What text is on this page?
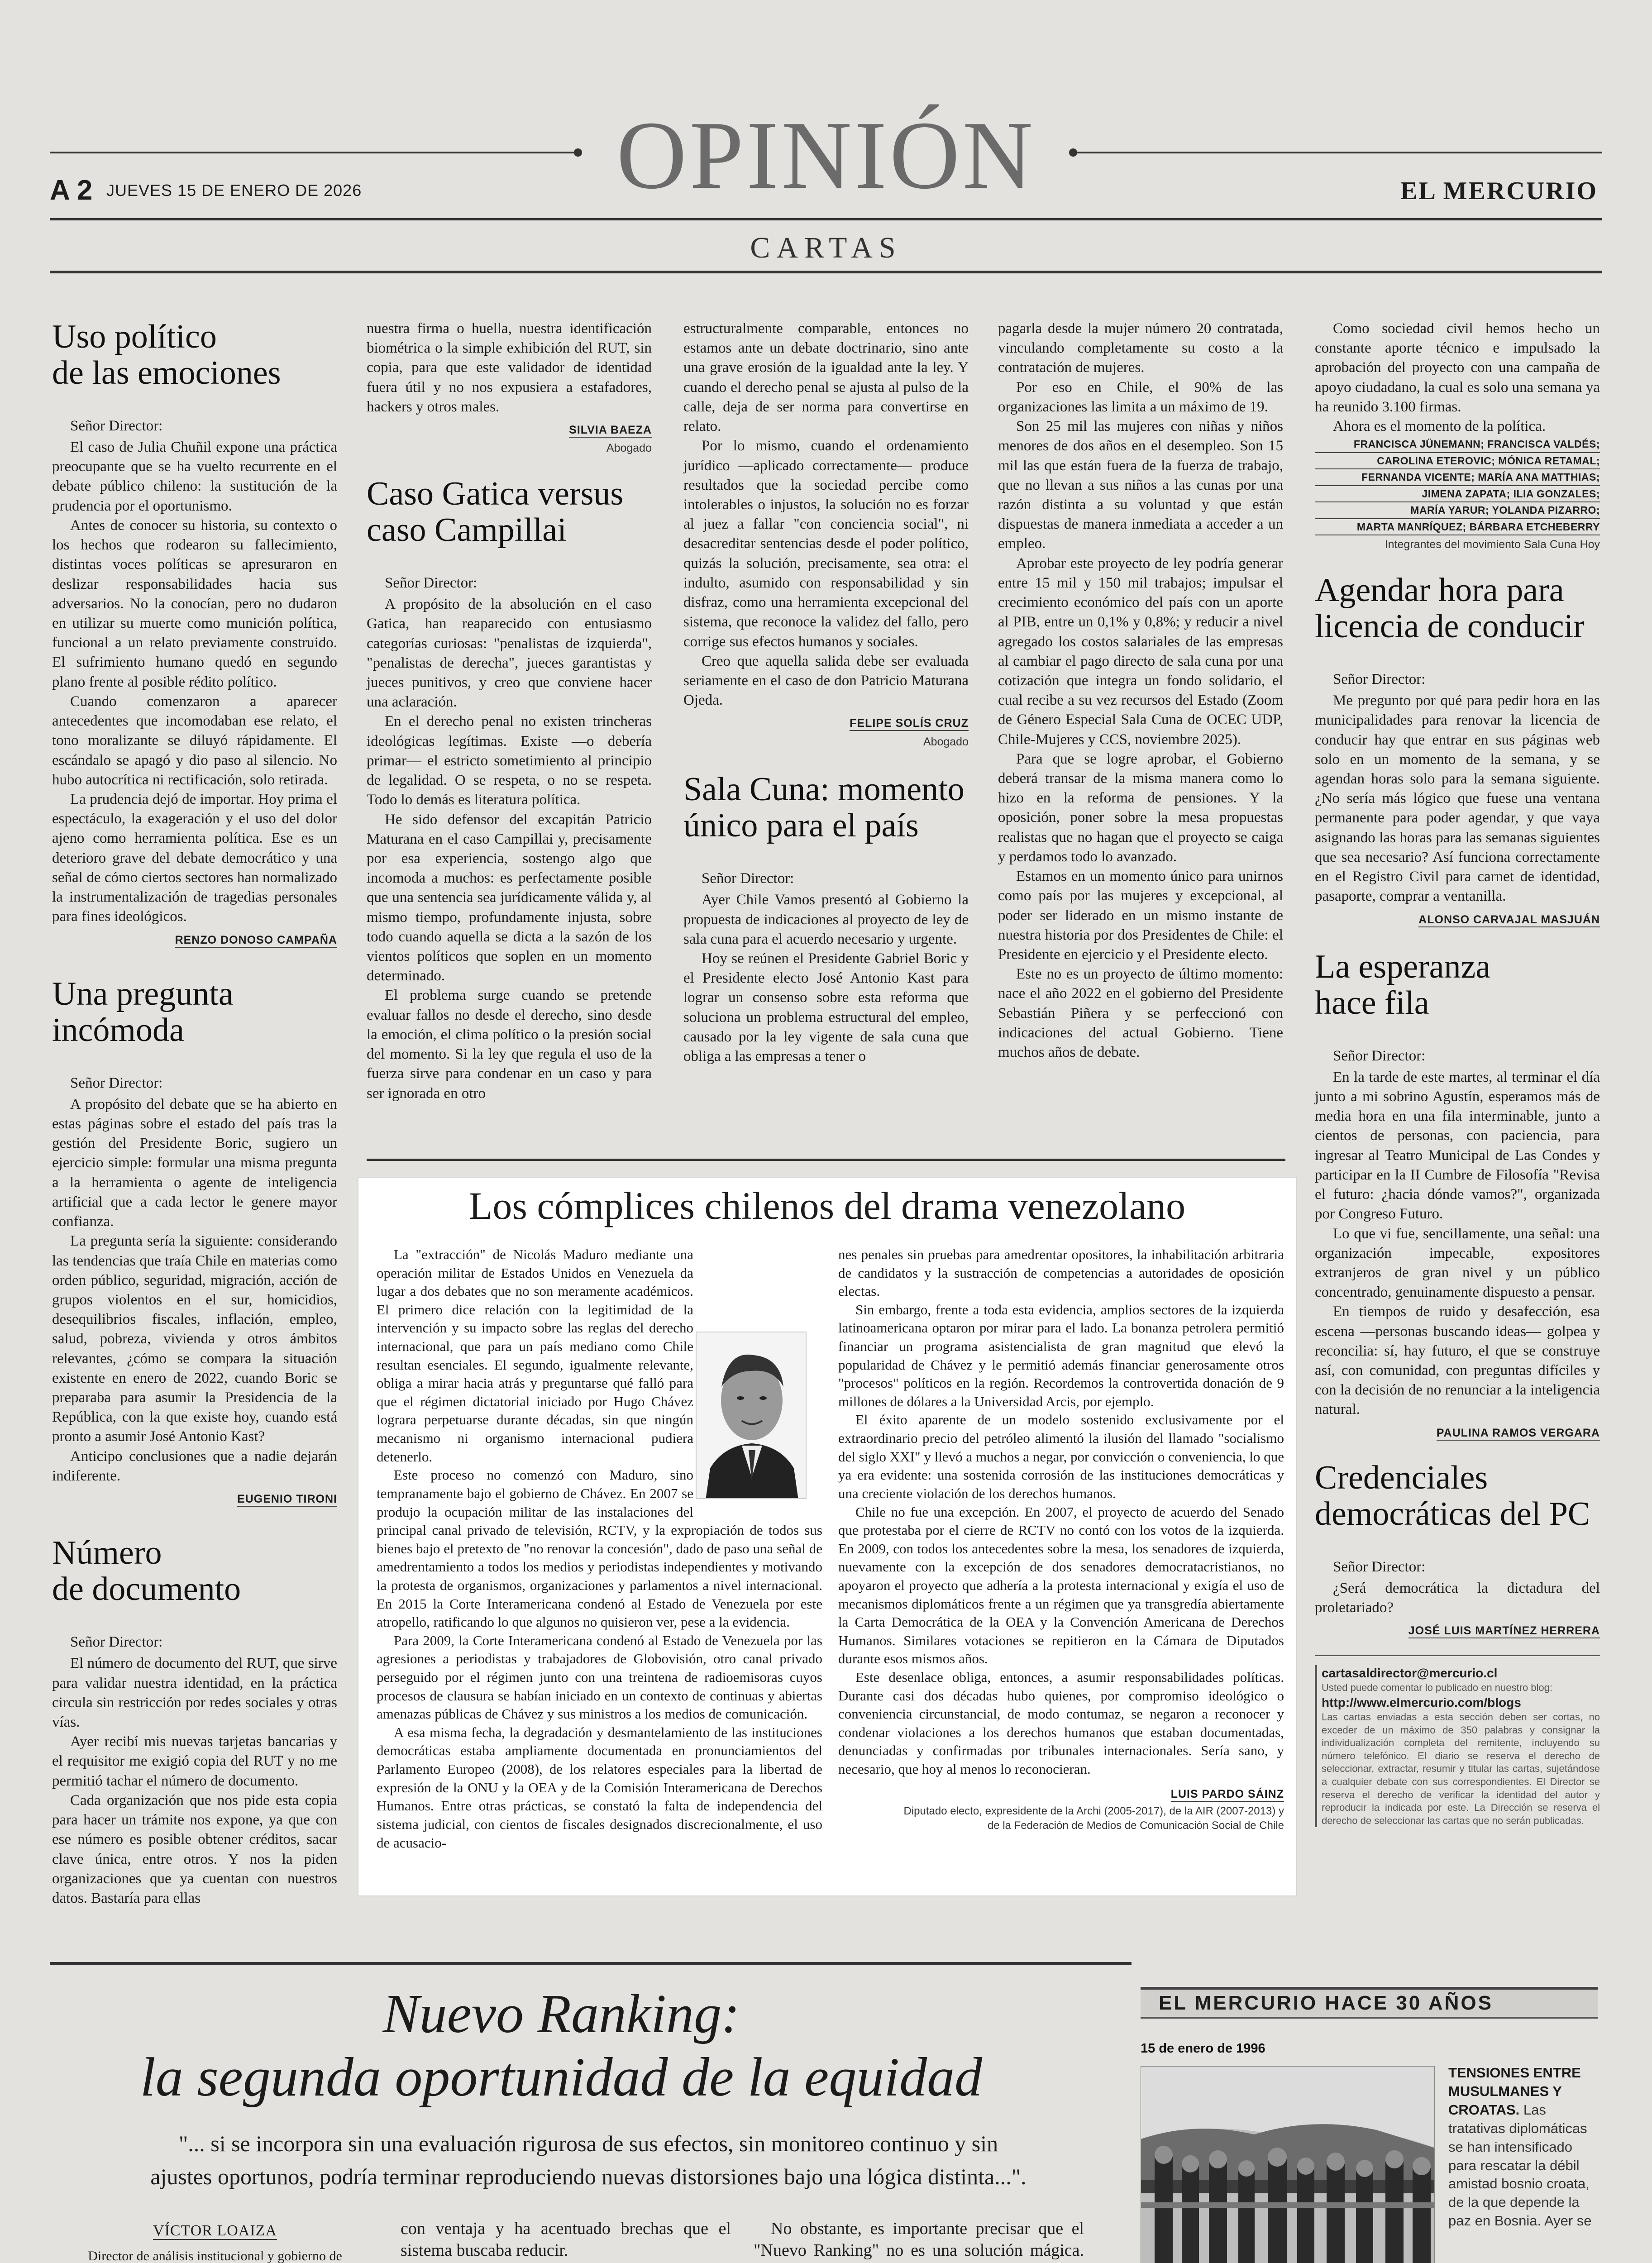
OPINIÓN
A 2 JUEVES 15 DE ENERO DE 2026	EL MERCURIO
CARTAS
Uso político
de las emociones

Señor Director:

El caso de Julia Chuñil expone una práctica preocupante que se ha vuelto recurrente en el debate público chileno: la sustitución de la prudencia por el oportunismo.

Antes de conocer su historia, su contexto o los hechos que rodearon su fallecimiento, distintas voces políticas se apresuraron en deslizar responsabilidades hacia sus adversarios. No la conocían, pero no dudaron en utilizar su muerte como munición política, funcional a un relato previamente construido. El sufrimiento humano quedó en segundo plano frente al posible rédito político.

Cuando comenzaron a aparecer antecedentes que incomodaban ese relato, el tono moralizante se diluyó rápidamente. El escándalo se apagó y dio paso al silencio. No hubo autocrítica ni rectificación, solo retirada.

La prudencia dejó de importar. Hoy prima el espectáculo, la exageración y el uso del dolor ajeno como herramienta política. Ese es un deterioro grave del debate democrático y una señal de cómo ciertos sectores han normalizado la instrumentalización de tragedias personales para fines ideológicos.

RENZO DONOSO CAMPAÑA
Una pregunta
incómoda

Señor Director:

A propósito del debate que se ha abierto en estas páginas sobre el estado del país tras la gestión del Presidente Boric, sugiero un ejercicio simple: formular una misma pregunta a la herramienta o agente de inteligencia artificial que a cada lector le genere mayor confianza.

La pregunta sería la siguiente: considerando las tendencias que traía Chile en materias como orden público, seguridad, migración, acción de grupos violentos en el sur, homicidios, desequilibrios fiscales, inflación, empleo, salud, pobreza, vivienda y otros ámbitos relevantes, ¿cómo se compara la situación existente en enero de 2022, cuando Boric se preparaba para asumir la Presidencia de la República, con la que existe hoy, cuando está pronto a asumir José Antonio Kast?

Anticipo conclusiones que a nadie dejarán indiferente.

EUGENIO TIRONI
Número
de documento

Señor Director:

El número de documento del RUT, que sirve para validar nuestra identidad, en la práctica circula sin restricción por redes sociales y otras vías.

Ayer recibí mis nuevas tarjetas bancarias y el requisitor me exigió copia del RUT y no me permitió tachar el número de documento.

Cada organización que nos pide esta copia para hacer un trámite nos expone, ya que con ese número es posible obtener créditos, sacar clave única, entre otros. Y nos la piden organizaciones que ya cuentan con nuestros datos. Bastaría para ellas

nuestra firma o huella, nuestra identificación biométrica o la simple exhibición del RUT, sin copia, para que este validador de identidad fuera útil y no nos expusiera a estafadores, hackers y otros males.

SILVIA BAEZA
Abogado
Caso Gatica versus
caso Campillai

Señor Director:

A propósito de la absolución en el caso Gatica, han reaparecido con entusiasmo categorías curiosas: "penalistas de izquierda", "penalistas de derecha", jueces garantistas y jueces punitivos, y creo que conviene hacer una aclaración.

En el derecho penal no existen trincheras ideológicas legítimas. Existe —o debería primar— el estricto sometimiento al principio de legalidad. O se respeta, o no se respeta. Todo lo demás es literatura política.

He sido defensor del excapitán Patricio Maturana en el caso Campillai y, precisamente por esa experiencia, sostengo algo que incomoda a muchos: es perfectamente posible que una sentencia sea jurídicamente válida y, al mismo tiempo, profundamente injusta, sobre todo cuando aquella se dicta a la sazón de los vientos políticos que soplen en un momento determinado.

El problema surge cuando se pretende evaluar fallos no desde el derecho, sino desde la emoción, el clima político o la presión social del momento. Si la ley que regula el uso de la fuerza sirve para condenar en un caso y para ser ignorada en otro

estructuralmente comparable, entonces no estamos ante un debate doctrinario, sino ante una grave erosión de la igualdad ante la ley. Y cuando el derecho penal se ajusta al pulso de la calle, deja de ser norma para convertirse en relato.

Por lo mismo, cuando el ordenamiento jurídico —aplicado correctamente— produce resultados que la sociedad percibe como intolerables o injustos, la solución no es forzar al juez a fallar "con conciencia social", ni desacreditar sentencias desde el poder político, quizás la solución, precisamente, sea otra: el indulto, asumido con responsabilidad y sin disfraz, como una herramienta excepcional del sistema, que reconoce la validez del fallo, pero corrige sus efectos humanos y sociales.

Creo que aquella salida debe ser evaluada seriamente en el caso de don Patricio Maturana Ojeda.

FELIPE SOLÍS CRUZ
Abogado
Sala Cuna: momento
único para el país

Señor Director:

Ayer Chile Vamos presentó al Gobierno la propuesta de indicaciones al proyecto de ley de sala cuna para el acuerdo necesario y urgente.

Hoy se reúnen el Presidente Gabriel Boric y el Presidente electo José Antonio Kast para lograr un consenso sobre esta reforma que soluciona un problema estructural del empleo, causado por la ley vigente de sala cuna que obliga a las empresas a tener o

pagarla desde la mujer número 20 contratada, vinculando completamente su costo a la contratación de mujeres.

Por eso en Chile, el 90% de las organizaciones las limita a un máximo de 19.

Son 25 mil las mujeres con niñas y niños menores de dos años en el desempleo. Son 15 mil las que están fuera de la fuerza de trabajo, que no llevan a sus niños a las cunas por una razón distinta a su voluntad y que están dispuestas de manera inmediata a acceder a un empleo.

Aprobar este proyecto de ley podría generar entre 15 mil y 150 mil trabajos; impulsar el crecimiento económico del país con un aporte al PIB, entre un 0,1% y 0,8%; y reducir a nivel agregado los costos salariales de las empresas al cambiar el pago directo de sala cuna por una cotización que integra un fondo solidario, el cual recibe a su vez recursos del Estado (Zoom de Género Especial Sala Cuna de OCEC UDP, Chile-Mujeres y CCS, noviembre 2025).

Para que se logre aprobar, el Gobierno deberá transar de la misma manera como lo hizo en la reforma de pensiones. Y la oposición, poner sobre la mesa propuestas realistas que no hagan que el proyecto se caiga y perdamos todo lo avanzado.

Estamos en un momento único para unirnos como país por las mujeres y excepcional, al poder ser liderado en un mismo instante de nuestra historia por dos Presidentes de Chile: el Presidente en ejercicio y el Presidente electo.

Este no es un proyecto de último momento: nace el año 2022 en el gobierno del Presidente Sebastián Piñera y se perfeccionó con indicaciones del actual Gobierno. Tiene muchos años de debate.

Como sociedad civil hemos hecho un constante aporte técnico e impulsado la aprobación del proyecto con una campaña de apoyo ciudadano, la cual es solo una semana ya ha reunido 3.100 firmas.

Ahora es el momento de la política.

FRANCISCA JÜNEMANN; FRANCISCA VALDÉS;
CAROLINA ETEROVIC; MÓNICA RETAMAL;
FERNANDA VICENTE; MARÍA ANA MATTHIAS;
JIMENA ZAPATA; ILIA GONZALES;
MARÍA YARUR; YOLANDA PIZARRO;
MARTA MANRÍQUEZ; BÁRBARA ETCHEBERRY
Integrantes del movimiento Sala Cuna Hoy
Agendar hora para
licencia de conducir

Señor Director:

Me pregunto por qué para pedir hora en las municipalidades para renovar la licencia de conducir hay que entrar en sus páginas web solo en un momento de la semana, y se agendan horas solo para la semana siguiente. ¿No sería más lógico que fuese una ventana permanente para poder agendar, y que vaya asignando las horas para las semanas siguientes que sea necesario? Así funciona correctamente en el Registro Civil para carnet de identidad, pasaporte, comprar a ventanilla.

ALONSO CARVAJAL MASJUÁN
La esperanza
hace fila

Señor Director:

En la tarde de este martes, al terminar el día junto a mi sobrino Agustín, esperamos más de media hora en una fila interminable, junto a cientos de personas, con paciencia, para ingresar al Teatro Municipal de Las Condes y participar en la II Cumbre de Filosofía "Revisa el futuro: ¿hacia dónde vamos?", organizada por Congreso Futuro.

Lo que vi fue, sencillamente, una señal: una organización impecable, expositores extranjeros de gran nivel y un público concentrado, genuinamente dispuesto a pensar.

En tiempos de ruido y desafección, esa escena —personas buscando ideas— golpea y reconcilia: sí, hay futuro, el que se construye así, con comunidad, con preguntas difíciles y con la decisión de no renunciar a la inteligencia natural.

PAULINA RAMOS VERGARA
Credenciales
democráticas del PC

Señor Director:

¿Será democrática la dictadura del proletariado?

JOSÉ LUIS MARTÍNEZ HERRERA
cartasaldirector@mercurio.cl
Usted puede comentar lo publicado en nuestro blog:
http://www.elmercurio.com/blogs
Las cartas enviadas a esta sección deben ser cortas, no exceder de un máximo de 350 palabras y consignar la individualización completa del remitente, incluyendo su número telefónico. El diario se reserva el derecho de seleccionar, extractar, resumir y titular las cartas, sujetándose a cualquier debate con sus correspondientes. El Director se reserva el derecho de verificar la identidad del autor y reproducir la indicada por este. La Dirección se reserva el derecho de seleccionar las cartas que no serán publicadas.
Los cómplices chilenos del drama venezolano

La "extracción" de Nicolás Maduro mediante una operación militar de Estados Unidos en Venezuela da lugar a dos debates que no son meramente académicos. El primero dice relación con la legitimidad de la intervención y su impacto sobre las reglas del derecho internacional, que para un país mediano como Chile resultan esenciales. El segundo, igualmente relevante, obliga a mirar hacia atrás y preguntarse qué falló para que el régimen dictatorial iniciado por Hugo Chávez lograra perpetuarse durante décadas, sin que ningún mecanismo ni organismo internacional pudiera detenerlo.

Este proceso no comenzó con Maduro, sino tempranamente bajo el gobierno de Chávez. En 2007 se produjo la ocupación militar de las instalaciones del principal canal privado de televisión, RCTV, y la expropiación de todos sus bienes bajo el pretexto de "no renovar la concesión", dado de paso una señal de amedrentamiento a todos los medios y periodistas independientes y motivando la protesta de organismos, organizaciones y parlamentos a nivel internacional. En 2015 la Corte Interamericana condenó al Estado de Venezuela por este atropello, ratificando lo que algunos no quisieron ver, pese a la evidencia.

Para 2009, la Corte Interamericana condenó al Estado de Venezuela por las agresiones a periodistas y trabajadores de Globovisión, otro canal privado perseguido por el régimen junto con una treintena de radioemisoras cuyos procesos de clausura se habían iniciado en un contexto de continuas y abiertas amenazas públicas de Chávez y sus ministros a los medios de comunicación.

A esa misma fecha, la degradación y desmantelamiento de las instituciones democráticas estaba ampliamente documentada en pronunciamientos del Parlamento Europeo (2008), de los relatores especiales para la libertad de expresión de la ONU y la OEA y de la Comisión Interamericana de Derechos Humanos. Entre otras prácticas, se constató la falta de independencia del sistema judicial, con cientos de fiscales designados discrecionalmente, el uso de acusacio-

nes penales sin pruebas para amedrentar opositores, la inhabilitación arbitraria de candidatos y la sustracción de competencias a autoridades de oposición electas.

Sin embargo, frente a toda esta evidencia, amplios sectores de la izquierda latinoamericana optaron por mirar para el lado. La bonanza petrolera permitió financiar un programa asistencialista de gran magnitud que elevó la popularidad de Chávez y le permitió además financiar generosamente otros "procesos" políticos en la región. Recordemos la controvertida donación de 9 millones de dólares a la Universidad Arcis, por ejemplo.

El éxito aparente de un modelo sostenido exclusivamente por el extraordinario precio del petróleo alimentó la ilusión del llamado "socialismo del siglo XXI" y llevó a muchos a negar, por convicción o conveniencia, lo que ya era evidente: una sostenida corrosión de las instituciones democráticas y una creciente violación de los derechos humanos.

Chile no fue una excepción. En 2007, el proyecto de acuerdo del Senado que protestaba por el cierre de RCTV no contó con los votos de la izquierda. En 2009, con todos los antecedentes sobre la mesa, los senadores de izquierda, nuevamente con la excepción de dos senadores democratacristianos, no apoyaron el proyecto que adhería a la protesta internacional y exigía el uso de mecanismos diplomáticos frente a un régimen que ya transgredía abiertamente la Carta Democrática de la OEA y la Convención Americana de Derechos Humanos. Similares votaciones se repitieron en la Cámara de Diputados durante esos mismos años.

Este desenlace obliga, entonces, a asumir responsabilidades políticas. Durante casi dos décadas hubo quienes, por compromiso ideológico o conveniencia circunstancial, de modo contumaz, se negaron a reconocer y condenar violaciones a los derechos humanos que estaban documentadas, denunciadas y confirmadas por tribunales internacionales. Sería sano, y necesario, que hoy al menos lo reconocieran.

LUIS PARDO SÁINZ
Diputado electo, expresidente de la Archi (2005-2017), de la AIR (2007-2013) y
de la Federación de Medios de Comunicación Social de Chile
Nuevo Ranking:
la segunda oportunidad de la equidad
"... si se incorpora sin una evaluación rigurosa de sus efectos, sin monitoreo continuo y sin
ajustes oportunos, podría terminar reproduciendo nuevas distorsiones bajo una lógica distinta...".
VÍCTOR LOAIZA
Director de análisis institucional y gobierno de

con ventaja y ha acentuado brechas que el sistema buscaba reducir.

No obstante, es importante precisar que el "Nuevo Ranking" no es una solución mágica.

EL MERCURIO HACE 30 AÑOS
15 de enero de 1996
TENSIONES ENTRE MUSULMANES Y CROATAS. Las tratativas diplomáticas se han intensificado para rescatar la débil amistad bosnio croata, de la que depende la paz en Bosnia. Ayer se
